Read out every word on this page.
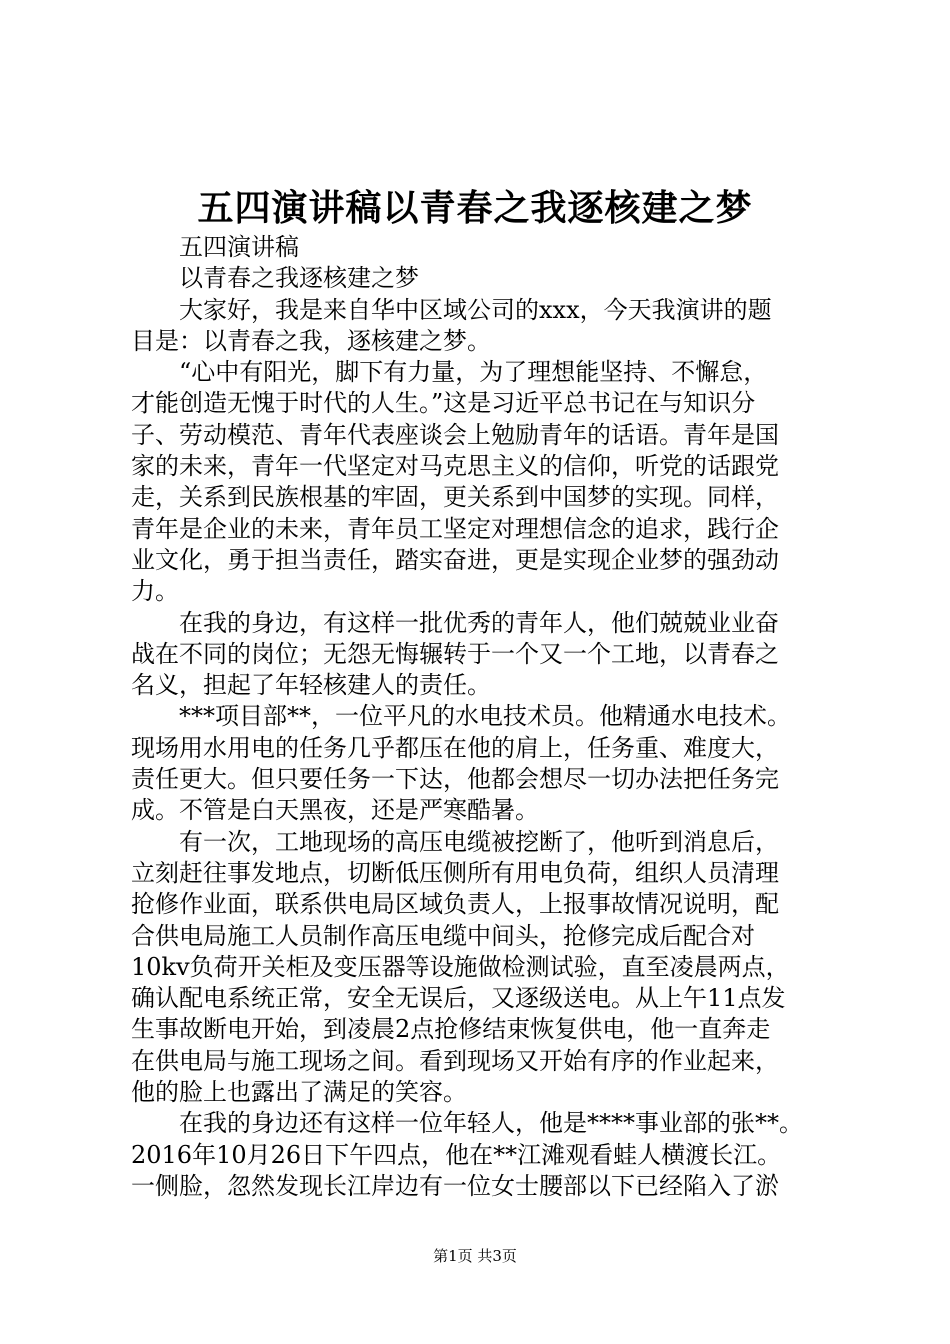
五四演讲稿以青春之我逐核建之梦
五四演讲稿
以青春之我逐核建之梦
大家好，我是来自华中区域公司的xxx，今天我演讲的题
目是：以青春之我，逐核建之梦。
“心中有阳光，脚下有力量，为了理想能坚持、不懈怠，
才能创造无愧于时代的人生。”这是习近平总书记在与知识分
子、劳动模范、青年代表座谈会上勉励青年的话语。青年是国
家的未来，青年一代坚定对马克思主义的信仰，听党的话跟党
走，关系到民族根基的牢固，更关系到中国梦的实现。同样，
青年是企业的未来，青年员工坚定对理想信念的追求，践行企
业文化，勇于担当责任，踏实奋进，更是实现企业梦的强劲动
力。
在我的身边，有这样一批优秀的青年人，他们兢兢业业奋
战在不同的岗位；无怨无悔辗转于一个又一个工地，以青春之
名义，担起了年轻核建人的责任。
***项目部**，一位平凡的水电技术员。他精通水电技术。
现场用水用电的任务几乎都压在他的肩上，任务重、难度大，
责任更大。但只要任务一下达，他都会想尽一切办法把任务完
成。不管是白天黑夜，还是严寒酷暑。
有一次，工地现场的高压电缆被挖断了，他听到消息后，
立刻赶往事发地点，切断低压侧所有用电负荷，组织人员清理
抢修作业面，联系供电局区域负责人，上报事故情况说明，配
合供电局施工人员制作高压电缆中间头，抢修完成后配合对
10kv负荷开关柜及变压器等设施做检测试验，直至凌晨两点，
确认配电系统正常，安全无误后，又逐级送电。从上午11点发
生事故断电开始，到凌晨2点抢修结束恢复供电，他一直奔走
在供电局与施工现场之间。看到现场又开始有序的作业起来，
他的脸上也露出了满足的笑容。
在我的身边还有这样一位年轻人，他是****事业部的张**。
2016年10月26日下午四点，他在**江滩观看蛙人横渡长江。
一侧脸，忽然发现长江岸边有一位女士腰部以下已经陷入了淤
第1页 共3页
